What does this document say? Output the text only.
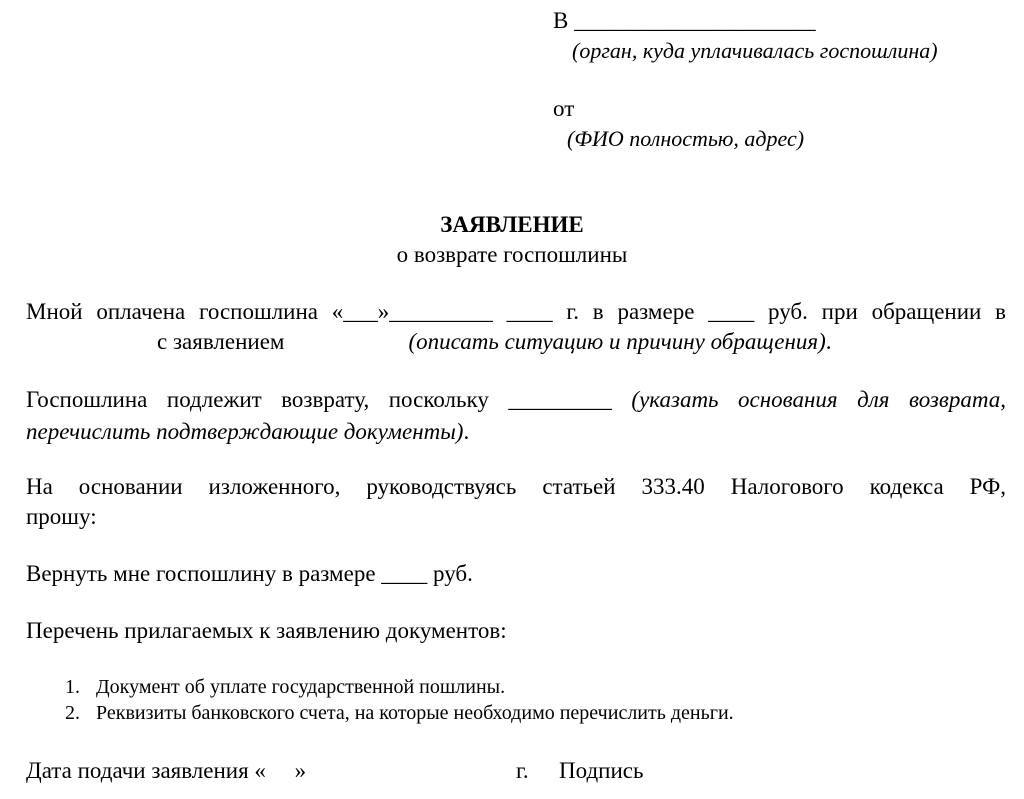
В _____________________
(орган, куда уплачивалась госпошлина)
от
(ФИО полностью, адрес)
ЗАЯВЛЕНИЕ
о возврате госпошлины
Мной оплачена госпошлина «___»_________ ____ г. в размере ____ руб. при обращении в
с заявлением	(описать ситуацию и причину обращения).
Госпошлина подлежит возврату, поскольку _________ (указать основания для возврата, перечислить подтверждающие документы).
На основании изложенного, руководствуясь статьей 333.40 Налогового кодекса РФ,
прошу:
Вернуть мне госпошлину в размере ____ руб.
Перечень прилагаемых к заявлению документов:
1. Документ об уплате государственной пошлины.
2. Реквизиты банковского счета, на которые необходимо перечислить деньги.
Дата подачи заявления «     »	г. Подпись
